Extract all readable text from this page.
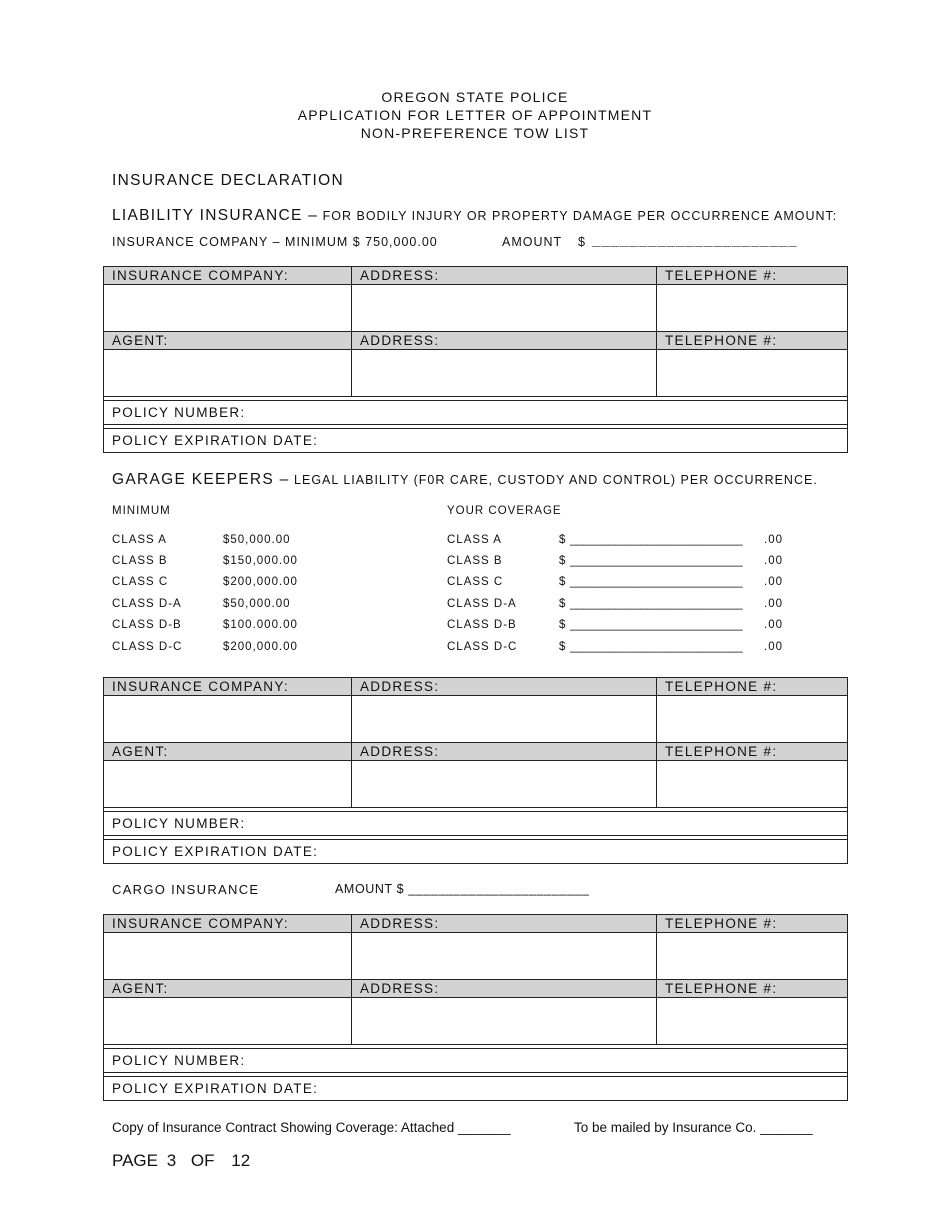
OREGON STATE POLICE
APPLICATION FOR LETTER OF APPOINTMENT
NON-PREFERENCE TOW LIST
INSURANCE DECLARATION
LIABILITY INSURANCE – FOR BODILY INJURY OR PROPERTY DAMAGE PER OCCURRENCE AMOUNT:
INSURANCE COMPANY – MINIMUM $ 750,000.00	AMOUNT $ ______________________
INSURANCE COMPANY:	ADDRESS:	TELEPHONE #:

AGENT:	ADDRESS:	TELEPHONE #:

POLICY NUMBER:		

POLICY EXPIRATION DATE:		
GARAGE KEEPERS – LEGAL LIABILITY (F0R CARE, CUSTODY AND CONTROL) PER OCCURRENCE.
MINIMUM	YOUR COVERAGE
CLASS A	$50,000.00	CLASS A	$ ___________________________ .00
CLASS B	$150,000.00	CLASS B	$ ___________________________ .00
CLASS C	$200,000.00	CLASS C	$ ___________________________ .00
CLASS D-A	$50,000.00	CLASS D-A	$ ___________________________ .00
CLASS D-B	$100.000.00	CLASS D-B	$ ___________________________ .00
CLASS D-C	$200,000.00	CLASS D-C	$ ___________________________ .00
INSURANCE COMPANY:	ADDRESS:	TELEPHONE #:

AGENT:	ADDRESS:	TELEPHONE #:

POLICY NUMBER:		

POLICY EXPIRATION DATE:		
CARGO INSURANCE	AMOUNT $ ________________________
INSURANCE COMPANY:	ADDRESS:	TELEPHONE #:

AGENT:	ADDRESS:	TELEPHONE #:

POLICY NUMBER:		

POLICY EXPIRATION DATE:		
Copy of Insurance Contract Showing Coverage: Attached _______	To be mailed by Insurance Co. _______
PAGE 3 OF 12
